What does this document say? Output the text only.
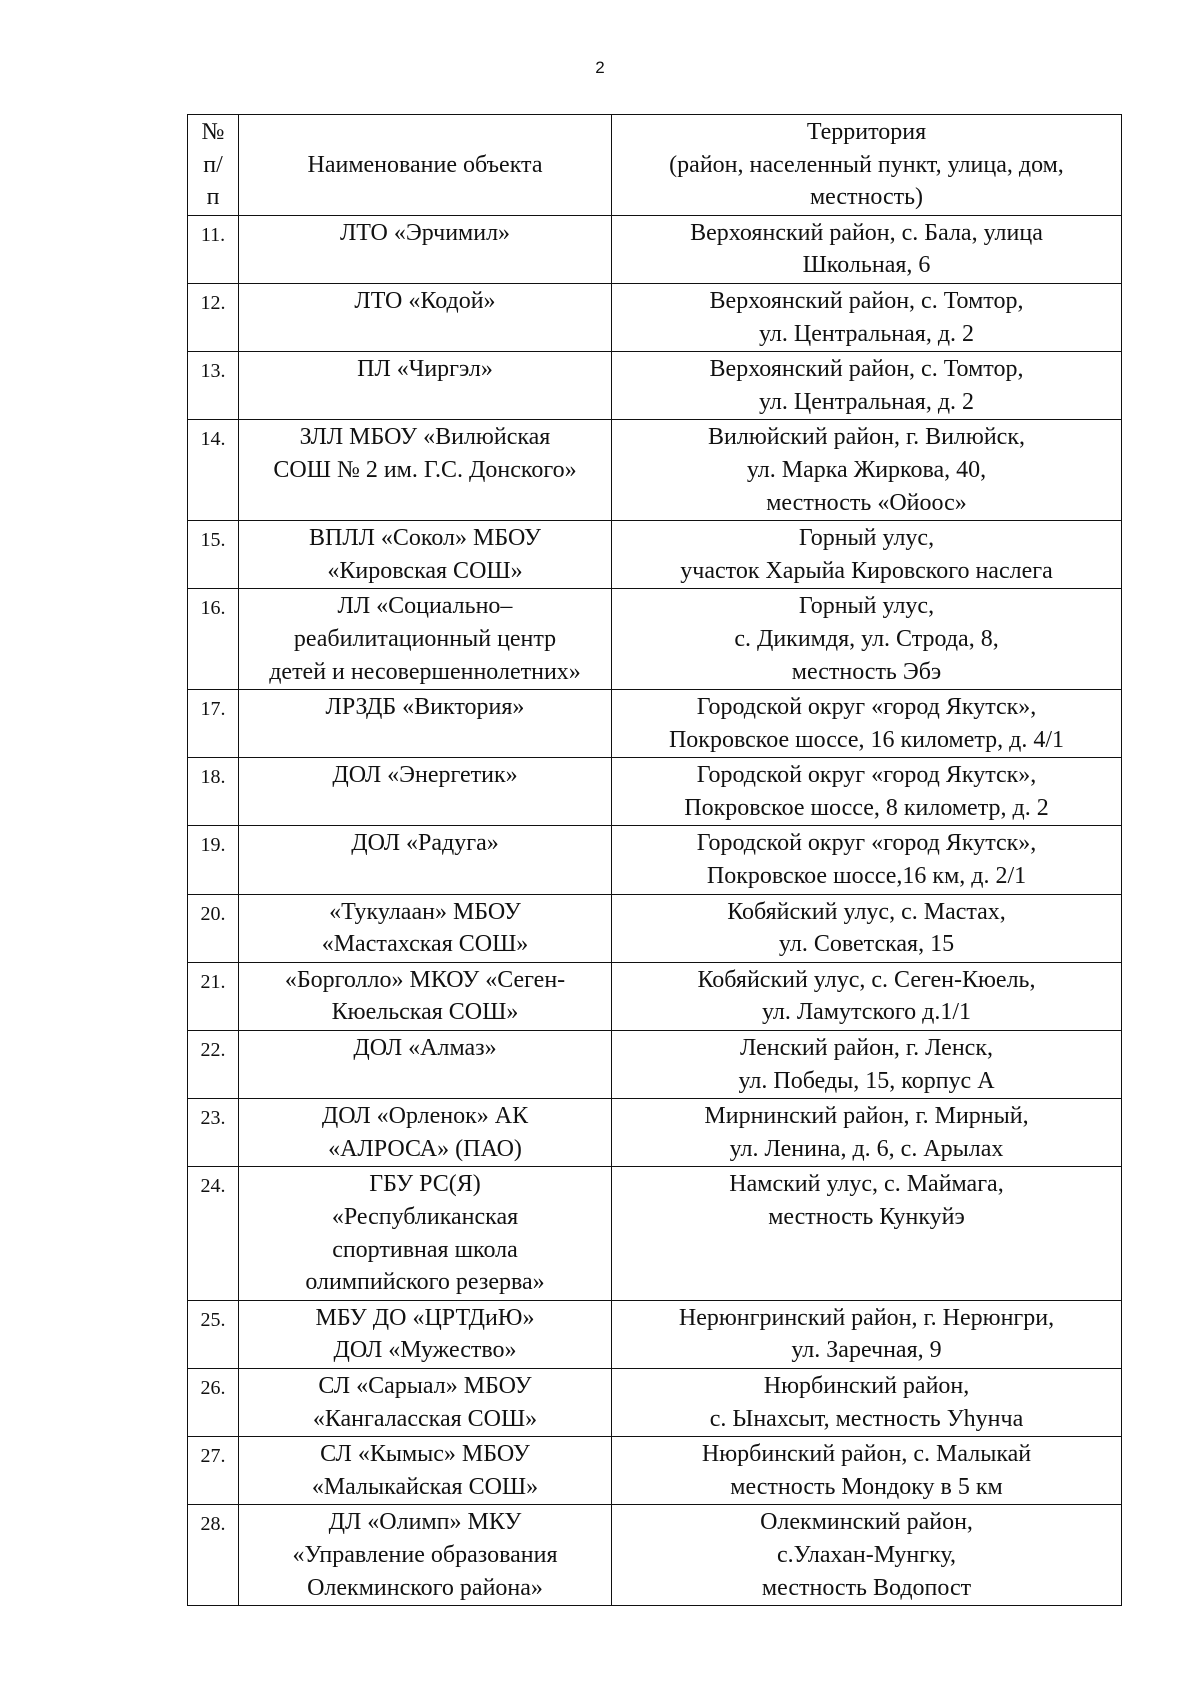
2
№
п/
п	Наименование объекта	Территория
(район, населенный пункт, улица, дом,
местность)
11.	ЛТО «Эрчимил»	Верхоянский район, с. Бала, улица
Школьная, 6
12.	ЛТО «Кодой»	Верхоянский район, с. Томтор,
ул. Центральная, д. 2
13.	ПЛ «Чиргэл»	Верхоянский район, с. Томтор,
ул. Центральная, д. 2
14.	ЗЛЛ МБОУ «Вилюйская
СОШ № 2 им. Г.С. Донского»	Вилюйский район, г. Вилюйск,
ул. Марка Жиркова, 40,
местность «Ойоос»
15.	ВПЛЛ «Сокол» МБОУ
«Кировская СОШ»	Горный улус,
участок Харыйа Кировского наслега
16.	ЛЛ «Социально–
реабилитационный центр
детей и несовершеннолетних»	Горный улус,
с. Дикимдя, ул. Строда, 8,
местность Эбэ
17.	ЛРЗДБ «Виктория»	Городской округ «город Якутск»,
Покровское шоссе, 16 километр, д. 4/1
18.	ДОЛ «Энергетик»	Городской округ «город Якутск»,
Покровское шоссе, 8 километр, д. 2
19.	ДОЛ «Радуга»	Городской округ «город Якутск»,
Покровское шоссе,16 км, д. 2/1
20.	«Тукулаан» МБОУ
«Мастахская СОШ»	Кобяйский улус, с. Мастах,
ул. Советская, 15
21.	«Борголло» МКОУ «Сеген-
Кюельская СОШ»	Кобяйский улус, с. Сеген-Кюель,
ул. Ламутского д.1/1
22.	ДОЛ «Алмаз»	Ленский район, г. Ленск,
ул. Победы, 15, корпус А
23.	ДОЛ «Орленок» АК
«АЛРОСА» (ПАО)	Мирнинский район, г. Мирный,
ул. Ленина, д. 6, с. Арылах
24.	ГБУ РС(Я)
«Республиканская
спортивная школа
олимпийского резерва»	Намский улус, с. Маймага,
местность Кункуйэ
25.	МБУ ДО «ЦРТДиЮ»
ДОЛ «Мужество»	Нерюнгринский район, г. Нерюнгри,
ул. Заречная, 9
26.	СЛ «Сарыал» МБОУ
«Кангаласская СОШ»	Нюрбинский район,
с. Ынахсыт, местность Уhунча
27.	СЛ «Кымыс» МБОУ
«Малыкайская СОШ»	Нюрбинский район, с. Малыкай
местность Мондоку в 5 км
28.	ДЛ «Олимп» МКУ
«Управление образования
Олекминского района»	Олекминский район,
с.Улахан-Мунгку,
местность Водопост
